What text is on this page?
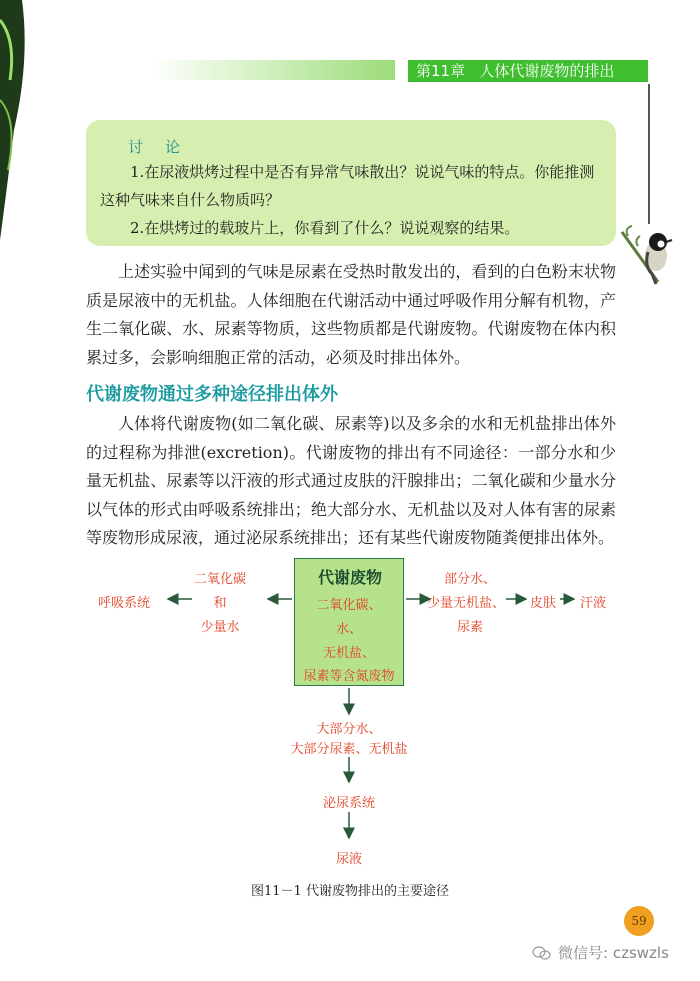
第11章   人体代谢废物的排出
讨论
1.在尿液烘烤过程中是否有异常气味散出？说说气味的特点。你能推测这种气味来自什么物质吗？
2.在烘烤过的载玻片上，你看到了什么？说说观察的结果。
上述实验中闻到的气味是尿素在受热时散发出的，看到的白色粉末状物质是尿液中的无机盐。人体细胞在代谢活动中通过呼吸作用分解有机物，产生二氧化碳、水、尿素等物质，这些物质都是代谢废物。代谢废物在体内积累过多，会影响细胞正常的活动，必须及时排出体外。
代谢废物通过多种途径排出体外
人体将代谢废物(如二氧化碳、尿素等)以及多余的水和无机盐排出体外的过程称为排泄(excretion)。代谢废物的排出有不同途径：一部分水和少量无机盐、尿素等以汗液的形式通过皮肤的汗腺排出；二氧化碳和少量水分以气体的形式由呼吸系统排出；绝大部分水、无机盐以及对人体有害的尿素等废物形成尿液，通过泌尿系统排出；还有某些代谢废物随粪便排出体外。
代谢废物
二氧化碳、
水、
无机盐、
尿素等含氮废物
二氧化碳
和
少量水
呼吸系统
部分水、
少量无机盐、
尿素
皮肤	汗液
大部分水、
大部分尿素、无机盐
泌尿系统
尿液
图11－1 代谢废物排出的主要途径
59
微信号: czswzls
